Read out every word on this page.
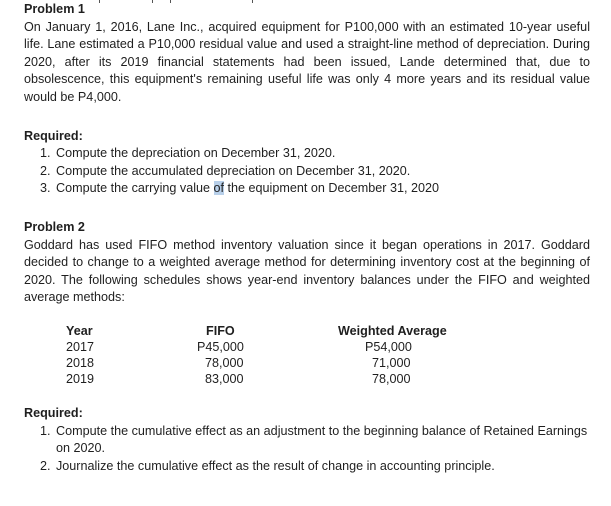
Problem 1

On January 1, 2016, Lane Inc., acquired equipment for P100,000 with an estimated 10-year useful life. Lane estimated a P10,000 residual value and used a straight-line method of depreciation. During 2020, after its 2019 financial statements had been issued, Lande determined that, due to obsolescence, this equipment's remaining useful life was only 4 more years and its residual value would be P4,000.

Required:
1. Compute the depreciation on December 31, 2020.
2. Compute the accumulated depreciation on December 31, 2020.
3. Compute the carrying value of the equipment on December 31, 2020
Problem 2

Goddard has used FIFO method inventory valuation since it began operations in 2017. Goddard decided to change to a weighted average method for determining inventory cost at the beginning of 2020. The following schedules shows year-end inventory balances under the FIFO and weighted average methods:

Year	FIFO	Weighted Average
2017	P45,000	P54,000
2018	78,000	71,000
2019	83,000	78,000
Required:
1. Compute the cumulative effect as an adjustment to the beginning balance of Retained Earnings on 2020.
2. Journalize the cumulative effect as the result of change in accounting principle.
